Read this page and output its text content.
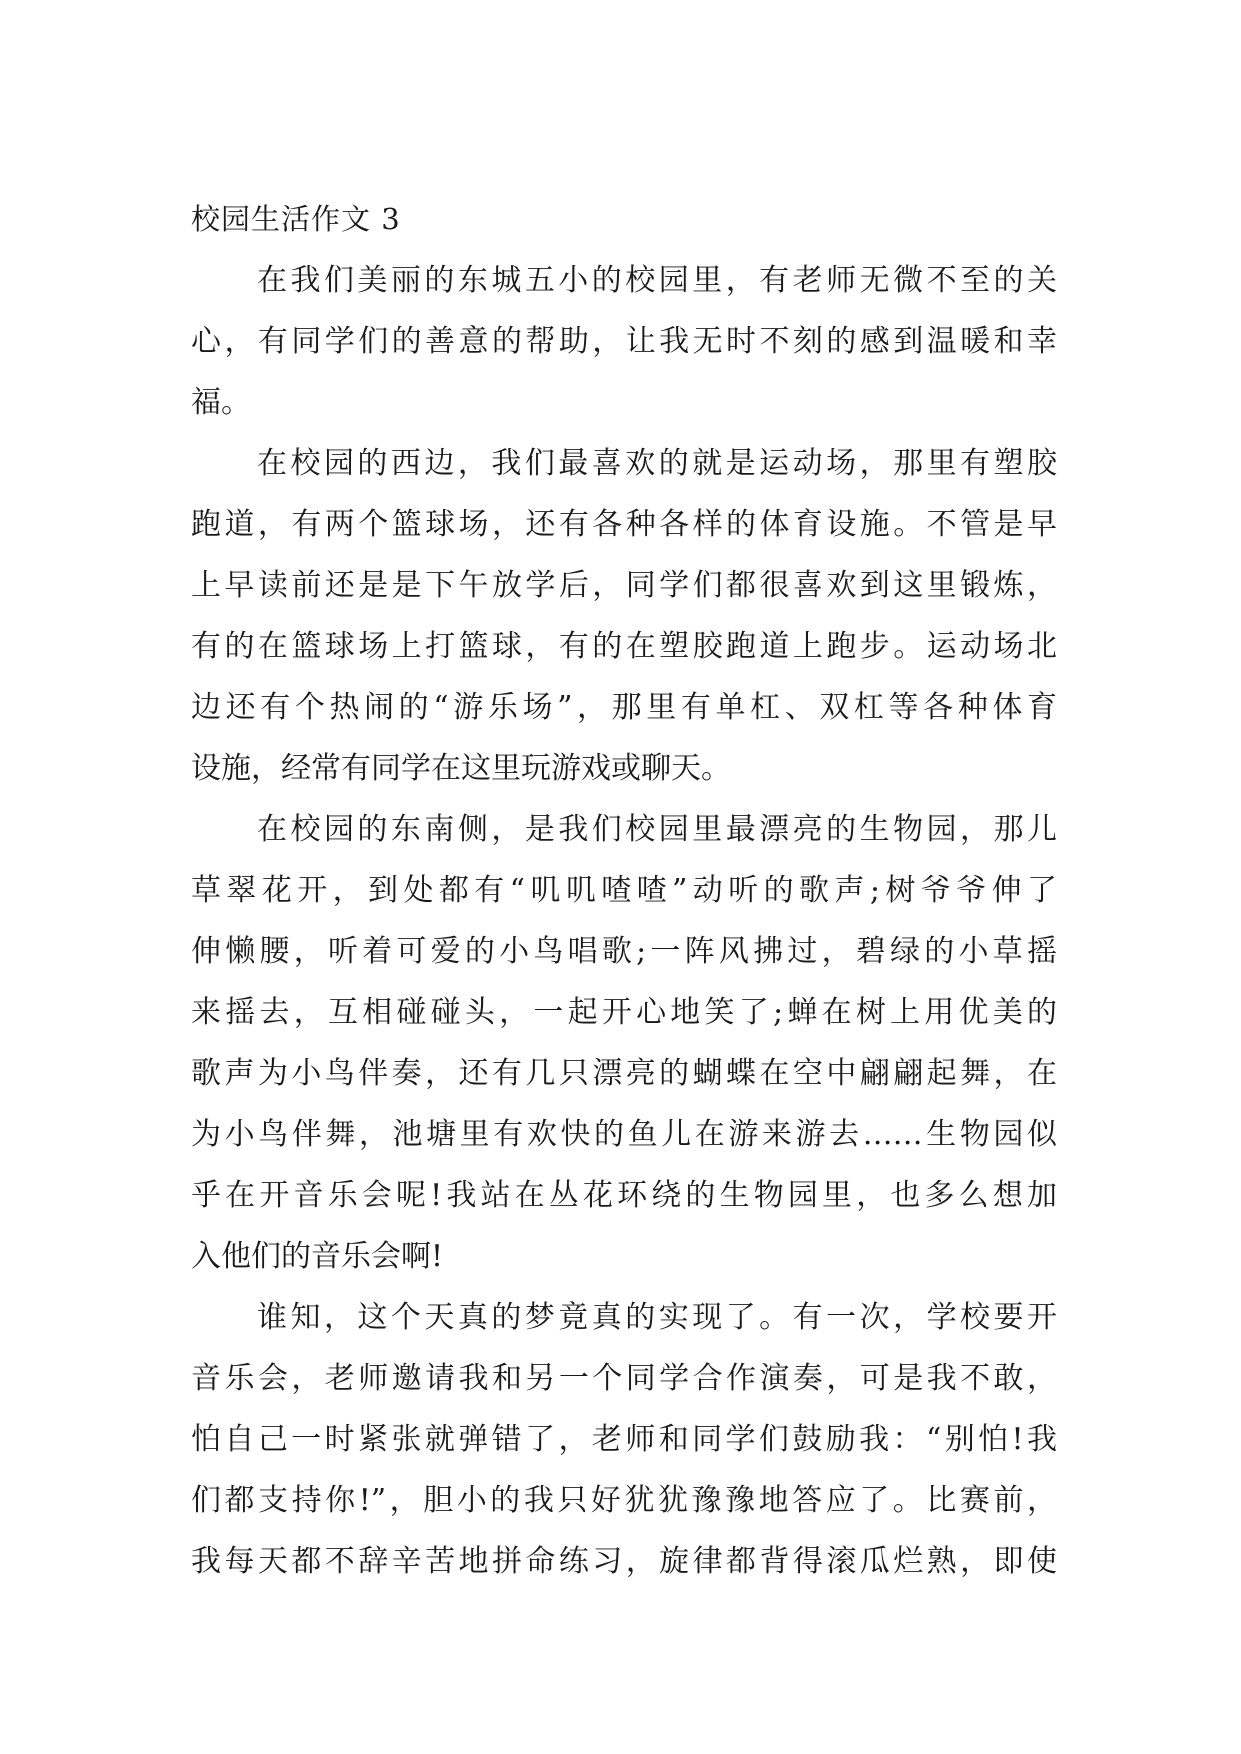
校园生活作文 3
在我们美丽的东城五小的校园里，有老师无微不至的关
心，有同学们的善意的帮助，让我无时不刻的感到温暖和幸
福。
在校园的西边，我们最喜欢的就是运动场，那里有塑胶
跑道，有两个篮球场，还有各种各样的体育设施。不管是早
上早读前还是是下午放学后，同学们都很喜欢到这里锻炼，
有的在篮球场上打篮球，有的在塑胶跑道上跑步。运动场北
边还有个热闹的“游乐场”，那里有单杠、双杠等各种体育
设施，经常有同学在这里玩游戏或聊天。
在校园的东南侧，是我们校园里最漂亮的生物园，那儿
草翠花开，到处都有“叽叽喳喳”动听的歌声;树爷爷伸了
伸懒腰，听着可爱的小鸟唱歌;一阵风拂过，碧绿的小草摇
来摇去，互相碰碰头，一起开心地笑了;蝉在树上用优美的
歌声为小鸟伴奏，还有几只漂亮的蝴蝶在空中翩翩起舞，在
为小鸟伴舞，池塘里有欢快的鱼儿在游来游去……生物园似
乎在开音乐会呢!我站在丛花环绕的生物园里，也多么想加
入他们的音乐会啊!
谁知，这个天真的梦竟真的实现了。有一次，学校要开
音乐会，老师邀请我和另一个同学合作演奏，可是我不敢，
怕自己一时紧张就弹错了，老师和同学们鼓励我：“别怕!我
们都支持你!”，胆小的我只好犹犹豫豫地答应了。比赛前，
我每天都不辞辛苦地拼命练习，旋律都背得滚瓜烂熟，即使
